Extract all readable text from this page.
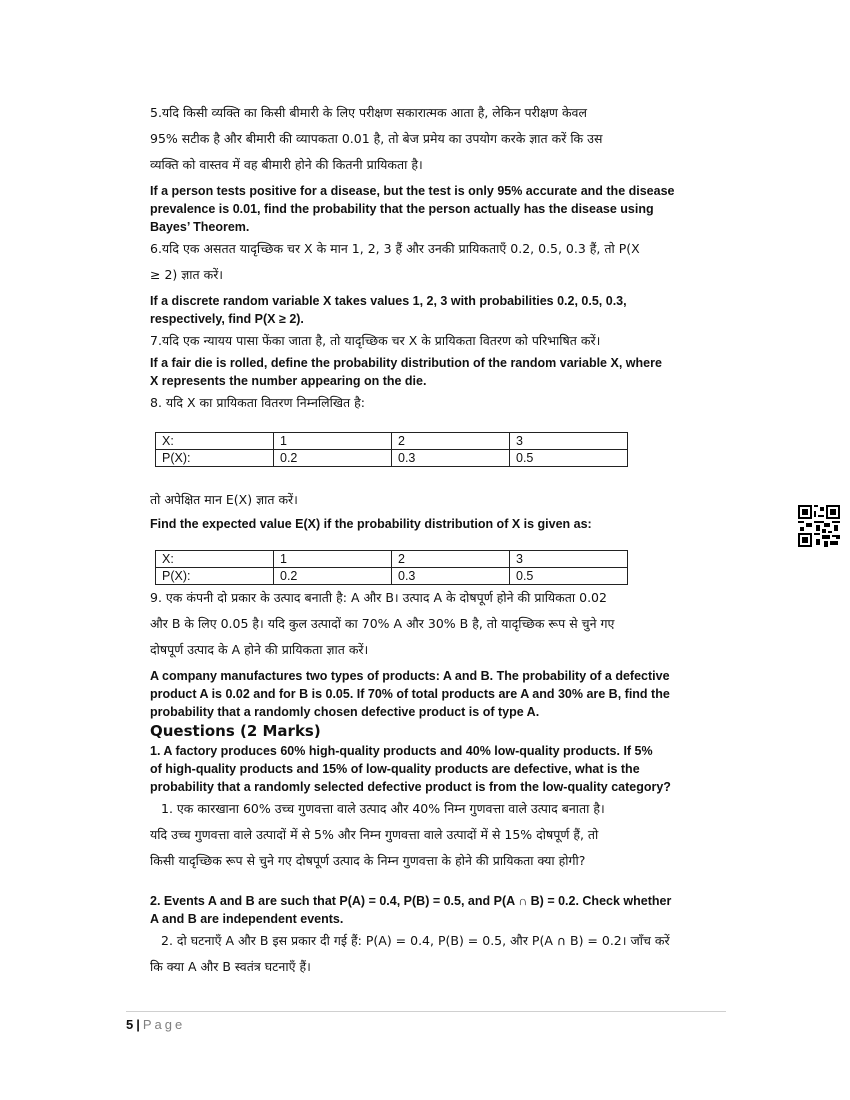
5.यदि किसी व्यक्ति का किसी बीमारी के लिए परीक्षण सकारात्मक आता है, लेकिन परीक्षण केवल

95% सटीक है और बीमारी की व्यापकता 0.01 है, तो बेज प्रमेय का उपयोग करके ज्ञात करें कि उस

व्यक्ति को वास्तव में वह बीमारी होने की कितनी प्रायिकता है।

If a person tests positive for a disease, but the test is only 95% accurate and the disease

prevalence is 0.01, find the probability that the person actually has the disease using

Bayes’ Theorem.

6.यदि एक असतत यादृच्छिक चर X के मान 1, 2, 3 हैं और उनकी प्रायिकताएँ 0.2, 0.5, 0.3 हैं, तो P(X

≥ 2) ज्ञात करें।

If a discrete random variable X takes values 1, 2, 3 with probabilities 0.2, 0.5, 0.3,

respectively, find P(X ≥ 2).

7.यदि एक न्यायय पासा फेंका जाता है, तो यादृच्छिक चर X के प्रायिकता वितरण को परिभाषित करें।

If a fair die is rolled, define the probability distribution of the random variable X, where

X represents the number appearing on the die.

8. यदि X का प्रायिकता वितरण निम्नलिखित है:

X:	1	2	3
P(X):	0.2	0.3	0.5

तो अपेक्षित मान E(X) ज्ञात करें।

Find the expected value E(X) if the probability distribution of X is given as:

X:	1	2	3
P(X):	0.2	0.3	0.5

9. एक कंपनी दो प्रकार के उत्पाद बनाती है: A और B। उत्पाद A के दोषपूर्ण होने की प्रायिकता 0.02

और B के लिए 0.05 है। यदि कुल उत्पादों का 70% A और 30% B है, तो यादृच्छिक रूप से चुने गए

दोषपूर्ण उत्पाद के A होने की प्रायिकता ज्ञात करें।

A company manufactures two types of products: A and B. The probability of a defective

product A is 0.02 and for B is 0.05. If 70% of total products are A and 30% are B, find the

probability that a randomly chosen defective product is of type A.

Questions (2 Marks)

1. A factory produces 60% high-quality products and 40% low-quality products. If 5%

of high-quality products and 15% of low-quality products are defective, what is the

probability that a randomly selected defective product is from the low-quality category?

1. एक कारखाना 60% उच्च गुणवत्ता वाले उत्पाद और 40% निम्न गुणवत्ता वाले उत्पाद बनाता है।

यदि उच्च गुणवत्ता वाले उत्पादों में से 5% और निम्न गुणवत्ता वाले उत्पादों में से 15% दोषपूर्ण हैं, तो

किसी यादृच्छिक रूप से चुने गए दोषपूर्ण उत्पाद के निम्न गुणवत्ता के होने की प्रायिकता क्या होगी?

2. Events A and B are such that P(A) = 0.4, P(B) = 0.5, and P(A ∩ B) = 0.2. Check whether

A and B are independent events.

2. दो घटनाएँ A और B इस प्रकार दी गई हैं: P(A) = 0.4, P(B) = 0.5, और P(A ∩ B) = 0.2। जाँच करें

कि क्या A और B स्वतंत्र घटनाएँ हैं।

5 | Page
